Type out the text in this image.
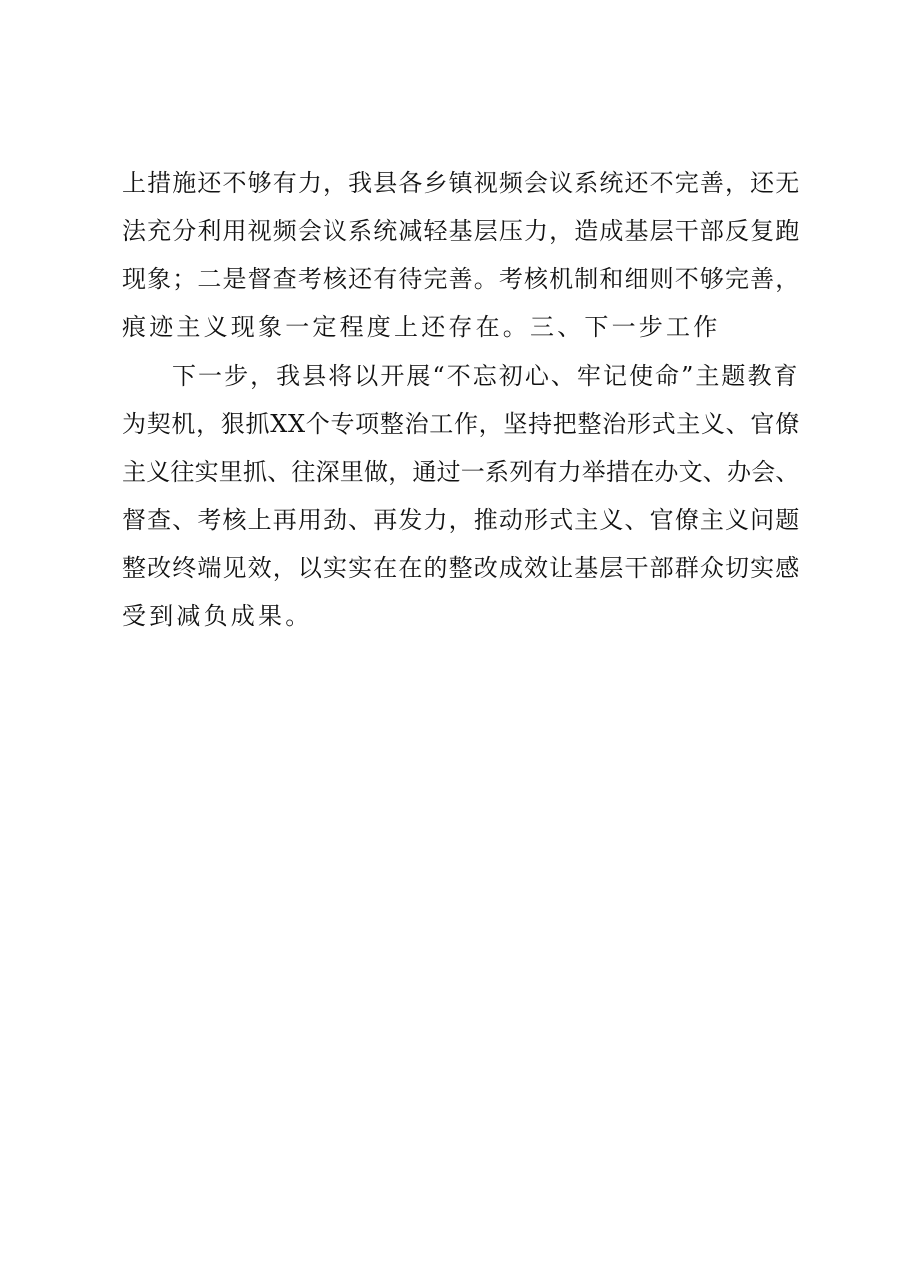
上措施还不够有力，我县各乡镇视频会议系统还不完善，还无

法充分利用视频会议系统减轻基层压力，造成基层干部反复跑

现象；二是督查考核还有待完善。考核机制和细则不够完善，

痕迹主义现象一定程度上还存在。三、下一步工作

下一步，我县将以开展“不忘初心、牢记使命”主题教育

为契机，狠抓XX个专项整治工作，坚持把整治形式主义、官僚

主义往实里抓、往深里做，通过一系列有力举措在办文、办会、

督查、考核上再用劲、再发力，推动形式主义、官僚主义问题

整改终端见效，以实实在在的整改成效让基层干部群众切实感

受到减负成果。
